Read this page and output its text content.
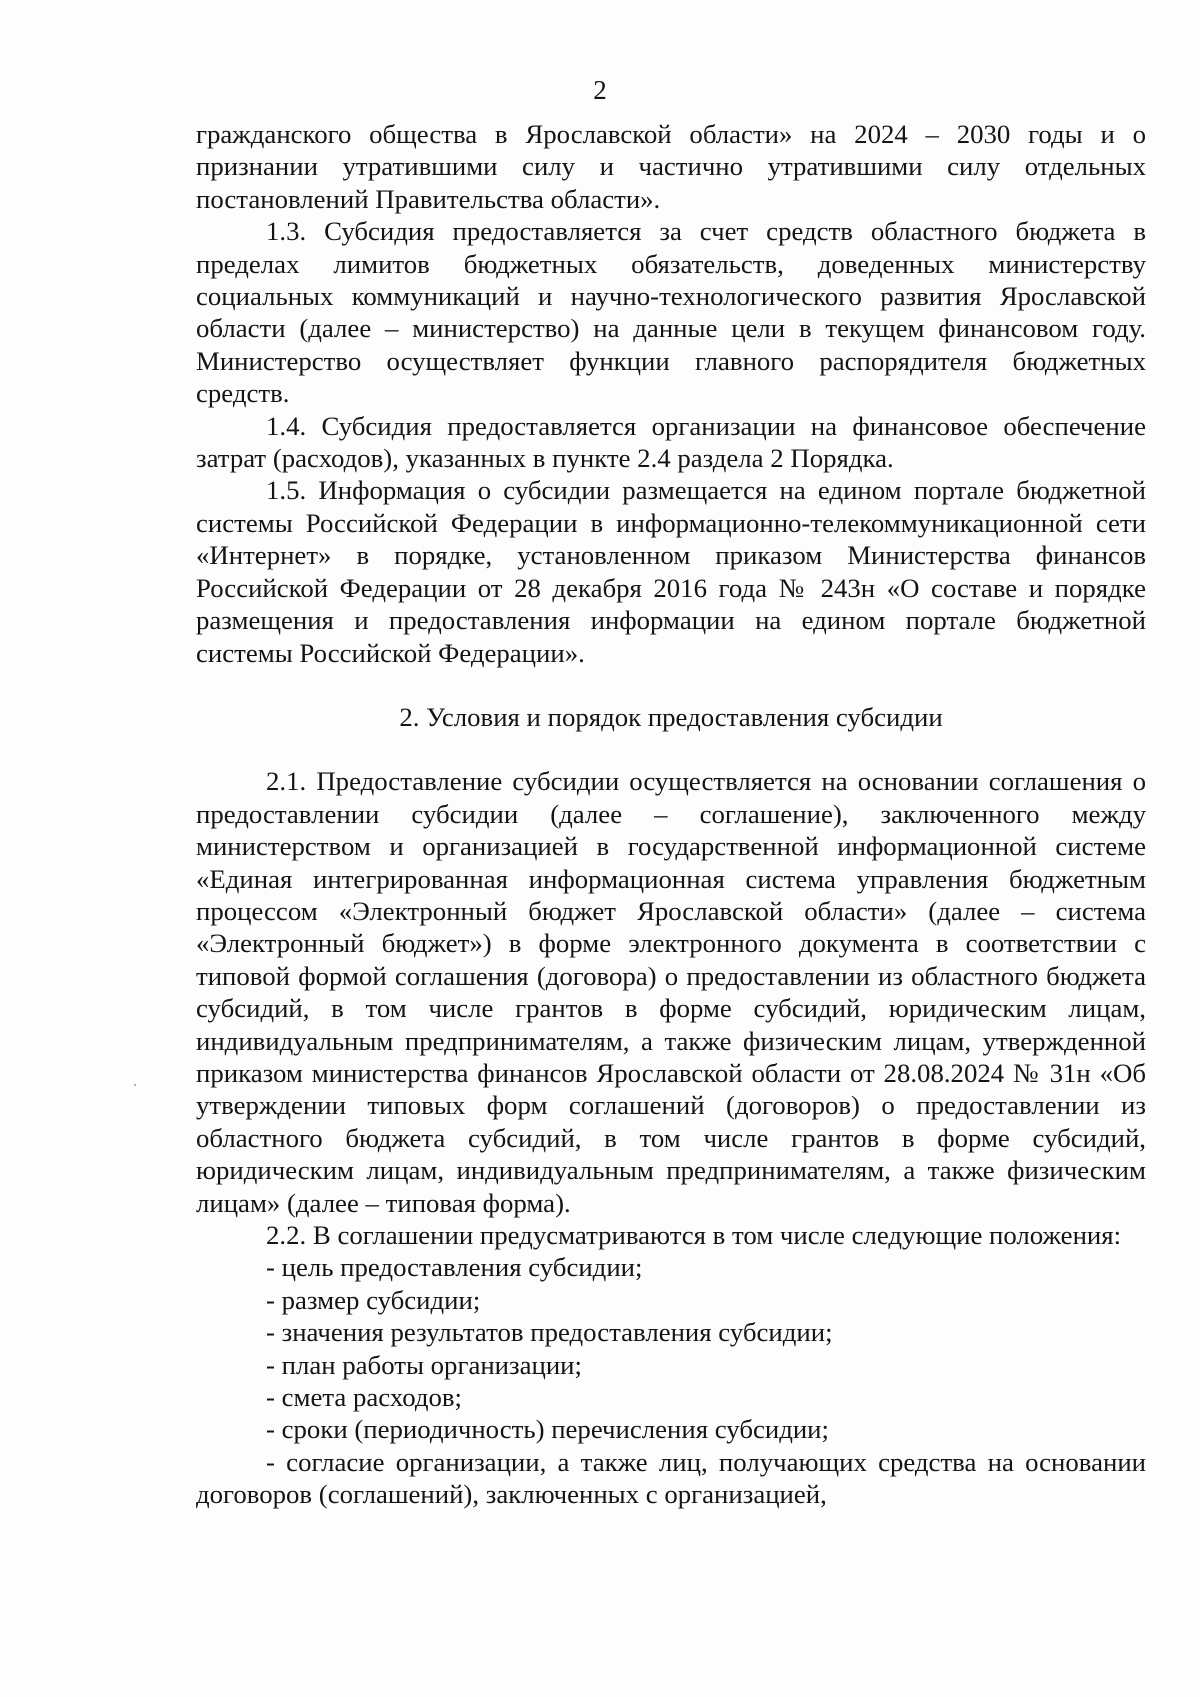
2

гражданского общества в Ярославской области» на 2024 – 2030 годы и о признании утратившими силу и частично утратившими силу отдельных постановлений Правительства области».

1.3. Субсидия предоставляется за счет средств областного бюджета в пределах лимитов бюджетных обязательств, доведенных министерству социальных коммуникаций и научно-технологического развития Ярославской области (далее – министерство) на данные цели в текущем финансовом году. Министерство осуществляет функции главного распорядителя бюджетных средств.

1.4. Субсидия предоставляется организации на финансовое обеспечение затрат (расходов), указанных в пункте 2.4 раздела 2 Порядка.

1.5. Информация о субсидии размещается на едином портале бюджетной системы Российской Федерации в информационно-телекоммуникационной сети «Интернет» в порядке, установленном приказом Министерства финансов Российской Федерации от 28 декабря 2016 года № 243н «О составе и порядке размещения и предоставления информации на едином портале бюджетной системы Российской Федерации».

2. Условия и порядок предоставления субсидии

2.1. Предоставление субсидии осуществляется на основании соглашения о предоставлении субсидии (далее – соглашение), заключенного между министерством и организацией в государственной информационной системе «Единая интегрированная информационная система управления бюджетным процессом «Электронный бюджет Ярославской области» (далее – система «Электронный бюджет») в форме электронного документа в соответствии с типовой формой соглашения (договора) о предоставлении из областного бюджета субсидий, в том числе грантов в форме субсидий, юридическим лицам, индивидуальным предпринимателям, а также физическим лицам, утвержденной приказом министерства финансов Ярославской области от 28.08.2024 № 31н «Об утверждении типовых форм соглашений (договоров) о предоставлении из областного бюджета субсидий, в том числе грантов в форме субсидий, юридическим лицам, индивидуальным предпринимателям, а также физическим лицам» (далее – типовая форма).

2.2. В соглашении предусматриваются в том числе следующие положения:

- цель предоставления субсидии;

- размер субсидии;

- значения результатов предоставления субсидии;

- план работы организации;

- смета расходов;

- сроки (периодичность) перечисления субсидии;

- согласие организации, а также лиц, получающих средства на основании договоров (соглашений), заключенных с организацией,
